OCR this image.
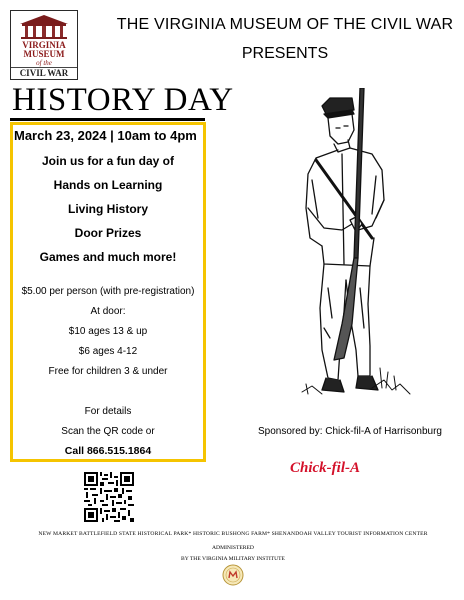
VIRGINIA
MUSEUM
of the
CIVIL WAR
THE VIRGINIA MUSEUM OF THE CIVIL WAR
PRESENTS
HISTORY DAY
March 23, 2024 | 10am to 4pm
Join us for a fun day of
Hands on Learning
Living History
Door Prizes
Games and much more!
$5.00 per person (with pre-registration)
At door:
$10 ages 13 & up
$6 ages 4-12
Free for children 3 & under
For details
Scan the QR code or
Call 866.515.1864
Sponsored by: Chick-fil-A of Harrisonburg
Chick-fil-A
NEW MARKET BATTLEFIELD STATE HISTORICAL PARK* HISTORIC BUSHONG FARM* SHENANDOAH VALLEY TOURIST INFORMATION CENTER
ADMINISTERED
BY THE VIRGINIA MILITARY INSTITUTE
